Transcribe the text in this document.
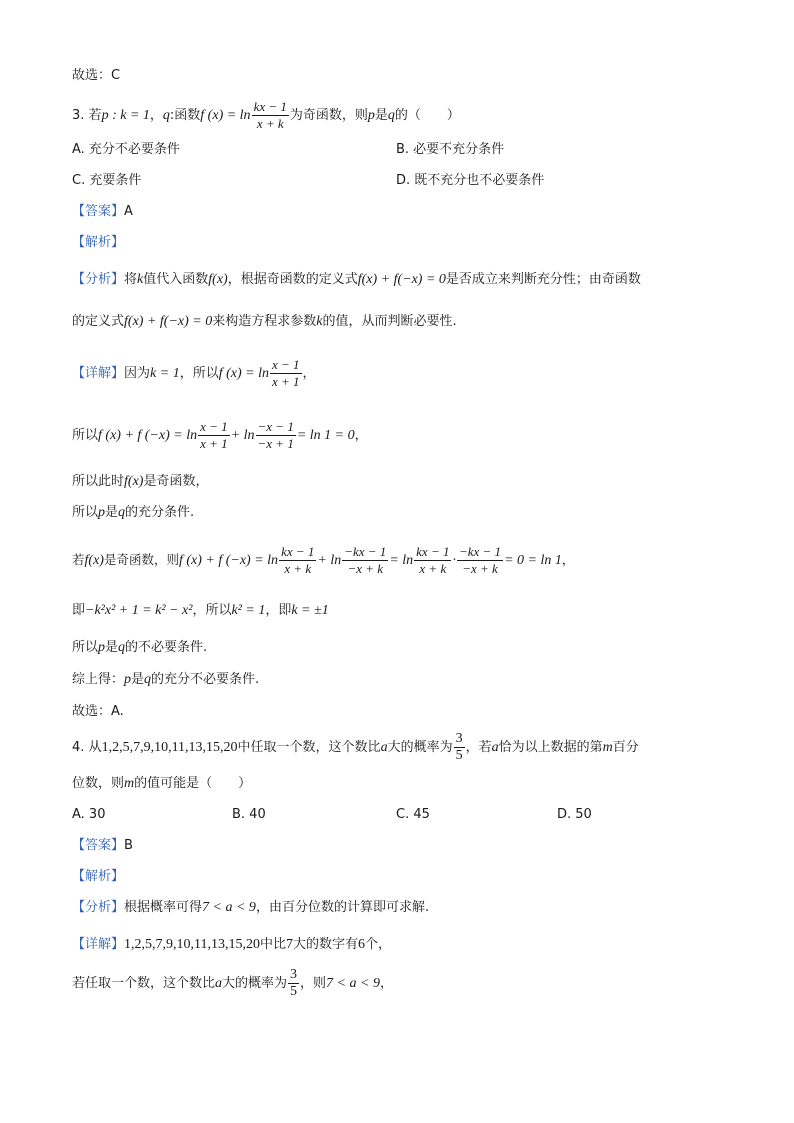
故选：C
3. 若p : k = 1，q:函数f $(x) = \ln \frac{kx - 1}{x + k}$ 为奇函数，则p是q的（　　）
A. 充分不必要条件	B. 必要不充分条件
C. 充要条件	D. 既不充分也不必要条件
【答案】A
【解析】
【分析】将k值代入函数f(x)，根据奇函数的定义式f(x) + f(−x) = 0是否成立来判断充分性；由奇函数
的定义式f(x) + f(−x) = 0来构造方程求参数k的值，从而判断必要性.
【详解】因为k = 1，所以f $(x) = \ln \frac{x - 1}{x + 1}$ ，
所以f (x) + f $(-x) = \ln \frac{x - 1}{x + 1} + \ln \frac{-x - 1}{-x + 1} = \ln 1 = 0$，
所以此时f(x)是奇函数，
所以p是q的充分条件.
若f(x)是奇函数，则f (x) + f $(-x) = \ln \frac{kx - 1}{x + k} + \ln \frac{-kx - 1}{-x + k} = \ln \frac{kx - 1}{x + k} \cdot \frac{-kx - 1}{-x + k} = 0 = \ln 1$，
即−k²x² + 1 = k² − x²，所以k² = 1，即k = ±1
所以p是q的不必要条件.
综上得：p是q的充分不必要条件.
故选：A.
4. 从1,2,5,7,9,10,11,13,15,20中任取一个数，这个数比a大的概率为 $\frac{3}{5}$ ，若a恰为以上数据的第m百分
位数，则m的值可能是（　　）
A. 30	B. 40	C. 45	D. 50
【答案】B
【解析】
【分析】根据概率可得7 < a < 9，由百分位数的计算即可求解.
【详解】1,2,5,7,9,10,11,13,15,20中比7大的数字有6个，
若任取一个数，这个数比a大的概率为 $\frac{3}{5}$ ，则7 < a < 9，
